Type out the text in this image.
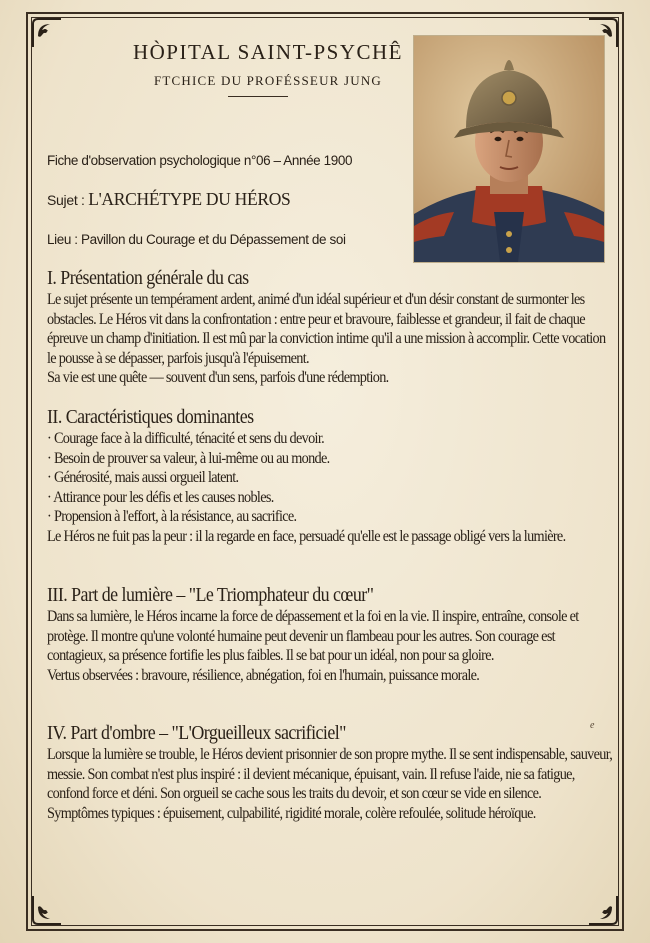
HÒPITAL SAINT-PSYCHÊ
FTCHICE DU PROFÉSSEUR JUNG
Fiche d'observation psychologique n°06 – Année 1900
Sujet : L'ARCHÉTYPE DU HÉROS
Lieu : Pavillon du Courage et du Dépassement de soi
I. Présentation générale du cas

Le sujet présente un tempérament ardent, animé d'un idéal supérieur et d'un désir constant de surmonter les obstacles. Le Héros vit dans la confrontation : entre peur et bravoure, faiblesse et grandeur, il fait de chaque épreuve un champ d'initiation. Il est mû par la conviction intime qu'il a une mission à accomplir. Cette vocation le pousse à se dépasser, parfois jusqu'à l'épuisement.

Sa vie est une quête — souvent d'un sens, parfois d'une rédemption.

II. Caractéristiques dominantes
· Courage face à la difficulté, ténacité et sens du devoir.
· Besoin de prouver sa valeur, à lui-même ou au monde.
· Générosité, mais aussi orgueil latent.
· Attirance pour les défis et les causes nobles.
· Propension à l'effort, à la résistance, au sacrifice.

Le Héros ne fuit pas la peur : il la regarde en face, persuadé qu'elle est le passage obligé vers la lumière.

III. Part de lumière – "Le Triomphateur du cœur"

Dans sa lumière, le Héros incarne la force de dépassement et la foi en la vie. Il inspire, entraîne, console et protège. Il montre qu'une volonté humaine peut devenir un flambeau pour les autres. Son courage est contagieux, sa présence fortifie les plus faibles. Il se bat pour un idéal, non pour sa gloire.

Vertus observées : bravoure, résilience, abnégation, foi en l'humain, puissance morale.

IV. Part d'ombre – "L'Orgueilleux sacrificiel"

Lorsque la lumière se trouble, le Héros devient prisonnier de son propre mythe. Il se sent indispensable, sauveur, messie. Son combat n'est plus inspiré : il devient mécanique, épuisant, vain. Il refuse l'aide, nie sa fatigue, confond force et déni. Son orgueil se cache sous les traits du devoir, et son cœur se vide en silence.

Symptômes typiques : épuisement, culpabilité, rigidité morale, colère refoulée, solitude héroïque.

e
